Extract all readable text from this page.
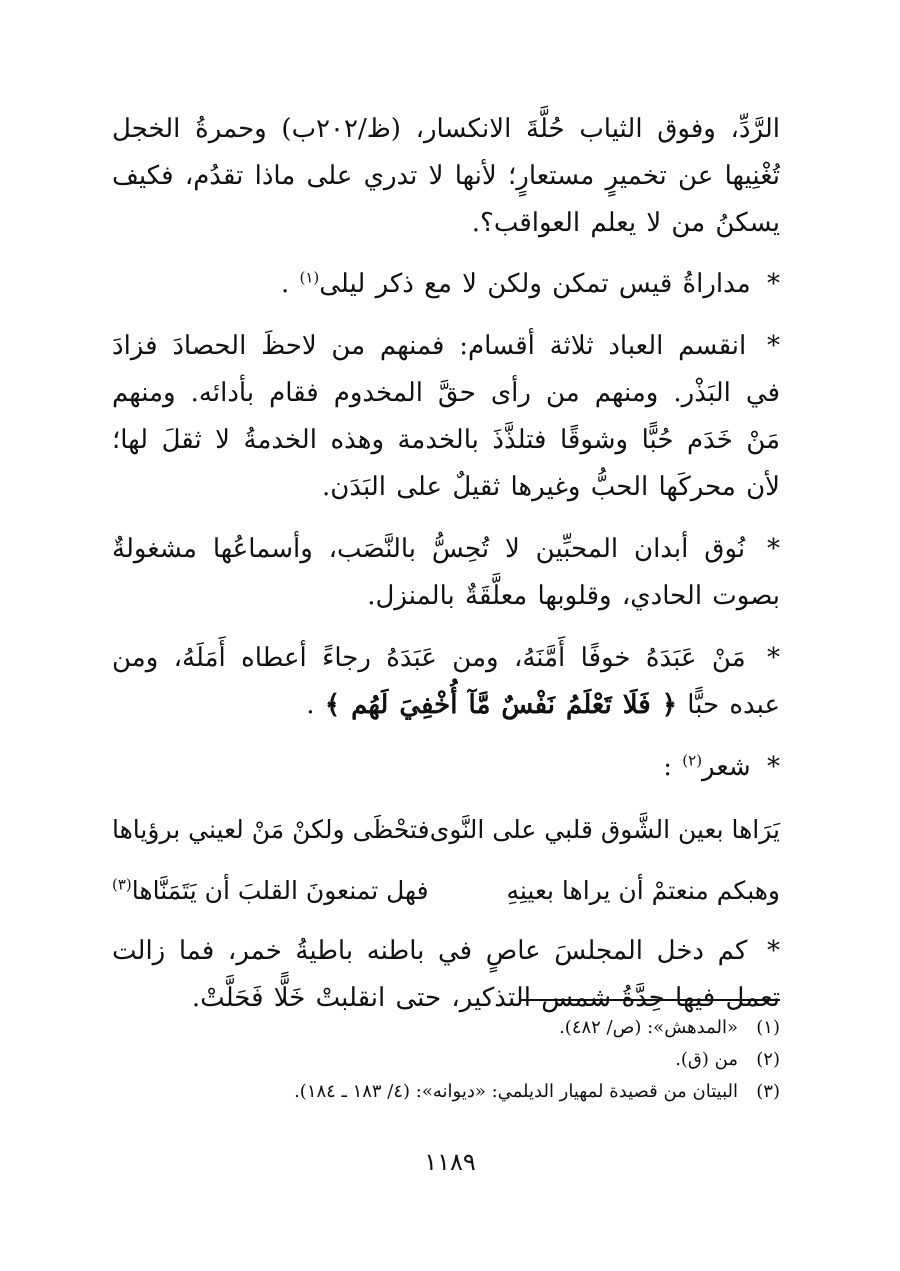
الرَّدِّ، وفوق الثياب حُلَّةَ الانكسار، (ظ/٢٠٢ب) وحمرةُ الخجل تُغْنِيها عن تخميرٍ مستعارٍ؛ لأنها لا تدري على ماذا تقدُم، فكيف يسكنُ من لا يعلم العواقب؟.

* مداراةُ قيس تمكن ولكن لا مع ذكر ليلى$^{(١)}$ .

* انقسم العباد ثلاثة أقسام: فمنهم من لاحظَ الحصادَ فزادَ في البَذْر. ومنهم من رأى حقَّ المخدوم فقام بأدائه. ومنهم مَنْ خَدَم حُبًّا وشوقًا فتلذَّذَ بالخدمة وهذه الخدمةُ لا ثقلَ لها؛ لأن محركَها الحبُّ وغيرها ثقيلٌ على البَدَن.

* نُوق أبدان المحبِّين لا تُحِسُّ بالنَّصَب، وأسماعُها مشغولةٌ بصوت الحادي، وقلوبها معلَّقَةٌ بالمنزل.

* مَنْ عَبَدَهُ خوفًا أَمَّنَهُ، ومن عَبَدَهُ رجاءً أعطاه أَمَلَهُ، ومن عبده حبًّا ﴿ فَلَا تَعْلَمُ نَفْسٌ مَّآ أُخْفِيَ لَهُم ﴾ .

* شعر$^{(٢)}$ :

يَرَاها بعين الشَّوق قلبي على النَّوى
فتحْظَى ولكنْ مَنْ لعيني برؤياها
وهبكم منعتمْ أن يراها بعينِهِ
فهل تمنعونَ القلبَ أن يَتَمَنَّاها$^{(٣)}$

* كم دخل المجلسَ عاصٍ في باطنه باطيةُ خمر، فما زالت تعمل فيها حِدَّةُ شمس التذكير، حتى انقلبتْ خَلًّا فَحَلَّتْ.

(١)
«المدهش»: (ص/ ٤٨٢).
(٢)
من (ق).
(٣)
البيتان من قصيدة لمهيار الديلمي: «ديوانه»: (٤/ ١٨٣ ـ ١٨٤).
١١٨٩
